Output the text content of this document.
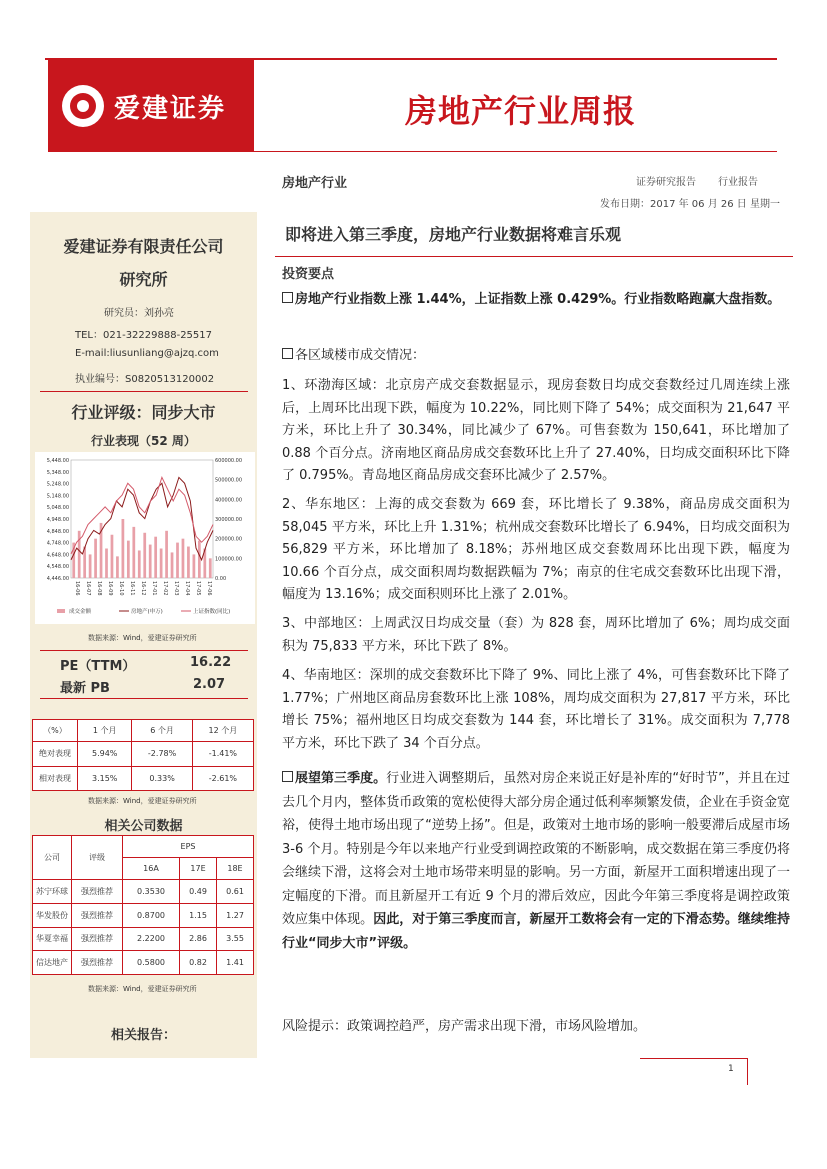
爱建证券	房地产行业周报
房地产行业	证券研究报告 行业报告
发布日期：2017 年 06 月 26 日 星期一
爱建证券有限责任公司
研究所
研究员：刘孙亮
TEL：021-32229888-25517
E-mail:liusunliang@ajzq.com
执业编号：S0820513120002
行业评级：同步大市
行业表现（52 周）
5,448.00
5,348.00
5,248.00
5,148.00
5,048.00
4,948.00
4,848.00
4,748.00
4,648.00
4,548.00
4,446.00
600000.00
500000.00
400000.00
300000.00
200000.00
100000.00
0.00
16-06 16-07 16-08 16-09 16-10 16-11 16-12 17-01 17-02 17-03 17-04 17-05 17-06
成交金额	房地产(申万)	上证指数(同比)
数据来源：Wind，爱建证券研究所
PE（TTM）	16.22
最新 PB	2.07
（%）	1 个月	6 个月	12 个月
绝对表现	5.94%	-2.78%	-1.41%
相对表现	3.15%	0.33%	-2.61%
数据来源：Wind，爱建证券研究所
相关公司数据
公司	评级	EPS		
		16A	17E	18E
苏宁环球	强烈推荐	0.3530	0.49	0.61
华发股份	强烈推荐	0.8700	1.15	1.27
华夏幸福	强烈推荐	2.2200	2.86	3.55
信达地产	强烈推荐	0.5800	0.82	1.41
数据来源：Wind，爱建证券研究所
相关报告：
即将进入第三季度，房地产行业数据将难言乐观
投资要点
房地产行业指数上涨 1.44%，上证指数上涨 0.429%。行业指数略跑赢大盘指数。
各区域楼市成交情况：
1、环渤海区域：北京房产成交套数据显示，现房套数日均成交套数经过几周连续上涨后，上周环比出现下跌，幅度为 10.22%，同比则下降了 54%；成交面积为 21,647 平方米，环比上升了 30.34%，同比减少了 67%。可售套数为 150,641，环比增加了 0.88 个百分点。济南地区商品房成交套数环比上升了 27.40%，日均成交面积环比下降了 0.795%。青岛地区商品房成交套环比减少了 2.57%。
2、华东地区：上海的成交套数为 669 套，环比增长了 9.38%，商品房成交面积为 58,045 平方米，环比上升 1.31%；杭州成交套数环比增长了 6.94%，日均成交面积为 56,829 平方米，环比增加了 8.18%；苏州地区成交套数周环比出现下跌，幅度为 10.66 个百分点，成交面积周均数据跌幅为 7%；南京的住宅成交套数环比出现下滑，幅度为 13.16%；成交面积则环比上涨了 2.01%。
3、中部地区：上周武汉日均成交量（套）为 828 套，周环比增加了 6%；周均成交面积为 75,833 平方米，环比下跌了 8%。
4、华南地区：深圳的成交套数环比下降了 9%、同比上涨了 4%，可售套数环比下降了 1.77%；广州地区商品房套数环比上涨 108%，周均成交面积为 27,817 平方米，环比增长 75%；福州地区日均成交套数为 144 套，环比增长了 31%。成交面积为 7,778 平方米，环比下跌了 34 个百分点。
展望第三季度。行业进入调整期后，虽然对房企来说正好是补库的“好时节”，并且在过去几个月内，整体货币政策的宽松使得大部分房企通过低利率频繁发债，企业在手资金宽裕，使得土地市场出现了“逆势上扬”。但是，政策对土地市场的影响一般要滞后成屋市场 3-6 个月。特别是今年以来地产行业受到调控政策的不断影响，成交数据在第三季度仍将会继续下滑，这将会对土地市场带来明显的影响。另一方面，新屋开工面积增速出现了一定幅度的下滑。而且新屋开工有近 9 个月的滞后效应，因此今年第三季度将是调控政策效应集中体现。因此，对于第三季度而言，新屋开工数将会有一定的下滑态势。继续维持行业“同步大市”评级。
风险提示：政策调控趋严，房产需求出现下滑，市场风险增加。
1
